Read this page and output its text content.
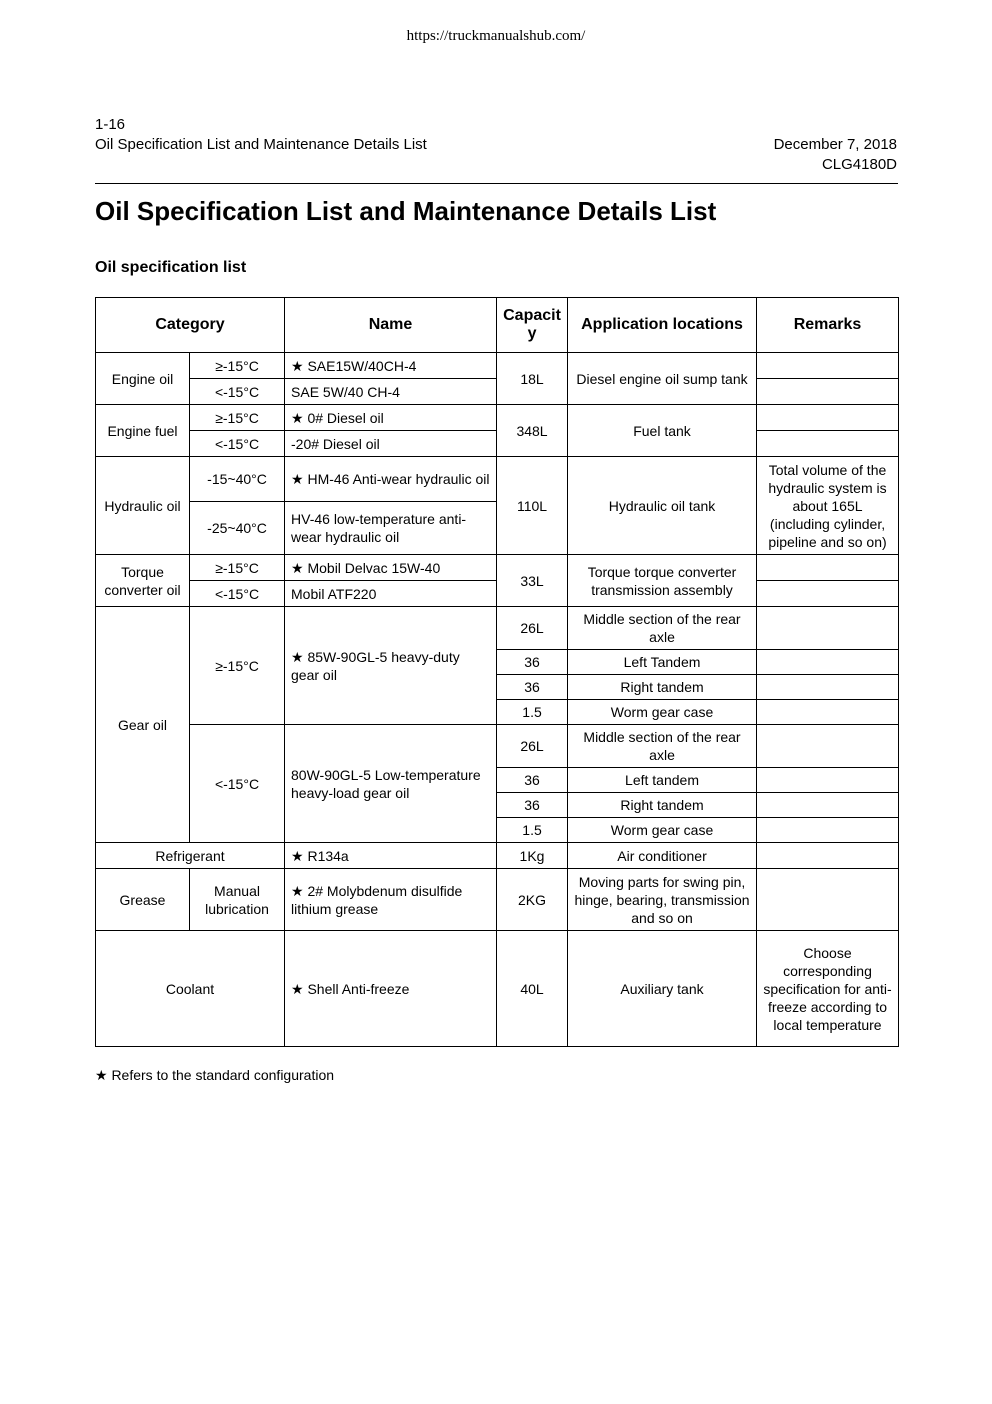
https://truckmanualshub.com/
1-16
Oil Specification List and Maintenance Details List	December 7, 2018
CLG4180D
Oil Specification List and Maintenance Details List
Oil specification list
Category		Name	Capacity	Application locations	Remarks
Engine oil	≥-15°C	★ SAE15W/40CH-4	18L	Diesel engine oil sump tank	
	<-15°C	SAE 5W/40 CH-4			
Engine fuel	≥-15°C	★ 0# Diesel oil	348L	Fuel tank	
	<-15°C	-20# Diesel oil			
Hydraulic oil	-15~40°C	★ HM-46 Anti-wear hydraulic oil	110L	Hydraulic oil tank	Total volume of the hydraulic system is about 165L (including cylinder, pipeline and so on)
	-25~40°C	HV-46 low-temperature anti-wear hydraulic oil			
Torque converter oil	≥-15°C	★ Mobil Delvac 15W-40	33L	Torque torque converter transmission assembly	
	<-15°C	Mobil ATF220			
Gear oil	≥-15°C	★ 85W-90GL-5 heavy-duty gear oil	26L	Middle section of the rear axle	
			36	Left Tandem	
			36	Right tandem	
			1.5	Worm gear case	
	<-15°C	80W-90GL-5 Low-temperature heavy-load gear oil	26L	Middle section of the rear axle	
			36	Left tandem	
			36	Right tandem	
			1.5	Worm gear case	
Refrigerant		★ R134a	1Kg	Air conditioner	
Grease	Manual lubrication	★ 2# Molybdenum disulfide lithium grease	2KG	Moving parts for swing pin, hinge, bearing, transmission and so on	
Coolant		★ Shell Anti-freeze	40L	Auxiliary tank	Choose corresponding specification for anti-freeze according to local temperature
★ Refers to the standard configuration
